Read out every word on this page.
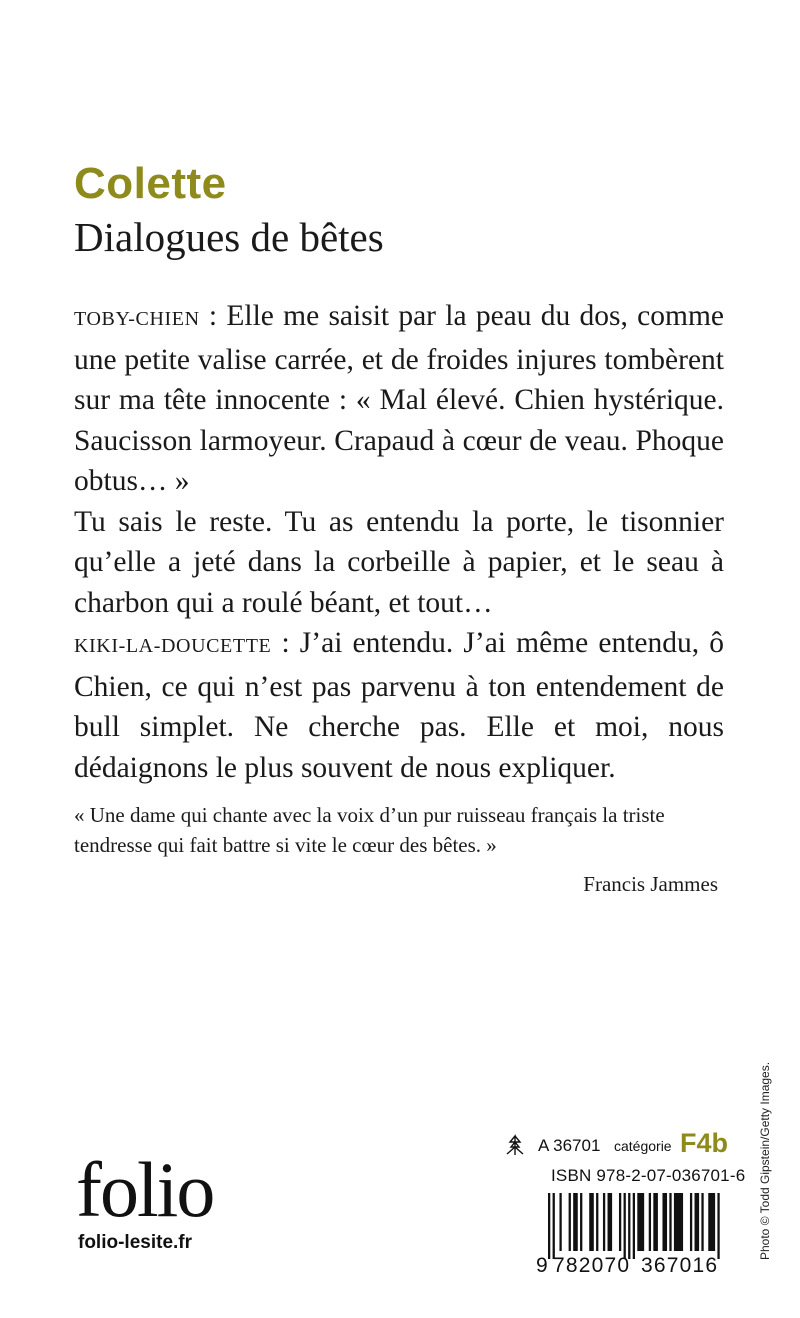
Colette
Dialogues de bêtes

TOBY-CHIEN : Elle me saisit par la peau du dos, comme une petite valise carrée, et de froides injures tombèrent sur ma tête innocente : « Mal élevé. Chien hystérique. Saucisson larmoyeur. Crapaud à cœur de veau. Phoque obtus… »

Tu sais le reste. Tu as entendu la porte, le tisonnier qu’elle a jeté dans la corbeille à papier, et le seau à charbon qui a roulé béant, et tout…

KIKI-LA-DOUCETTE : J’ai entendu. J’ai même entendu, ô Chien, ce qui n’est pas parvenu à ton entendement de bull simplet. Ne cherche pas. Elle et moi, nous dédaignons le plus souvent de nous expliquer.

« Une dame qui chante avec la voix d’un pur ruisseau français la triste tendresse qui fait battre si vite le cœur des bêtes. »
Francis Jammes
folio
folio-lesite.fr
A 36701 catégorie F4b
ISBN 978-2-07-036701-6
9 782070 367016
Photo © Todd Gipstein/Getty Images.
